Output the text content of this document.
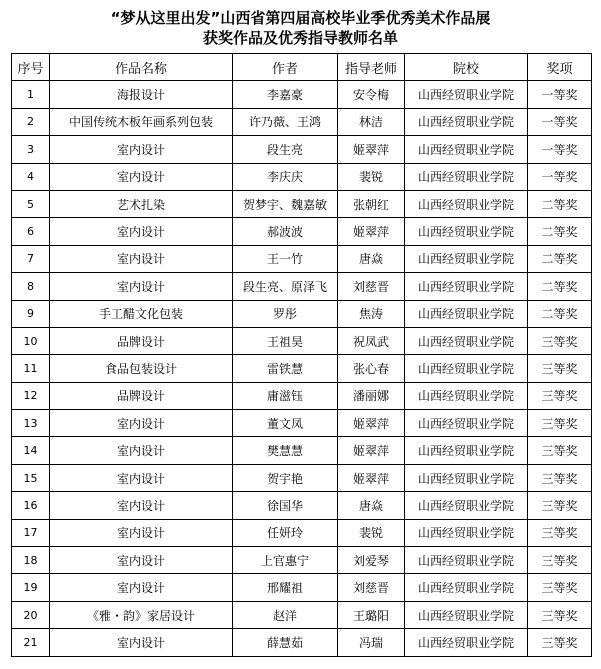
“梦从这里出发”山西省第四届高校毕业季优秀美术作品展

获奖作品及优秀指导教师名单

序号	作品名称	作者	指导老师	院校	奖项
1	海报设计	李嘉豪	安令梅	山西经贸职业学院	一等奖
2	中国传统木板年画系列包装	许乃薇、王鸿	林洁	山西经贸职业学院	一等奖
3	室内设计	段生亮	姬翠萍	山西经贸职业学院	一等奖
4	室内设计	李庆庆	裴锐	山西经贸职业学院	一等奖
5	艺术扎染	贺梦宇、魏嘉敏	张朝红	山西经贸职业学院	二等奖
6	室内设计	郝波波	姬翠萍	山西经贸职业学院	二等奖
7	室内设计	王一竹	唐焱	山西经贸职业学院	二等奖
8	室内设计	段生亮、原泽飞	刘慈晋	山西经贸职业学院	二等奖
9	手工醋文化包装	罗彤	焦涛	山西经贸职业学院	二等奖
10	品牌设计	王祖昊	祝凤武	山西经贸职业学院	三等奖
11	食品包装设计	雷铁慧	张心春	山西经贸职业学院	三等奖
12	品牌设计	庸滋钰	潘丽娜	山西经贸职业学院	三等奖
13	室内设计	董文凤	姬翠萍	山西经贸职业学院	三等奖
14	室内设计	樊慧慧	姬翠萍	山西经贸职业学院	三等奖
15	室内设计	贺宇艳	姬翠萍	山西经贸职业学院	三等奖
16	室内设计	徐国华	唐焱	山西经贸职业学院	三等奖
17	室内设计	任妍玲	裴锐	山西经贸职业学院	三等奖
18	室内设计	上官惠宁	刘爱琴	山西经贸职业学院	三等奖
19	室内设计	邢耀祖	刘慈晋	山西经贸职业学院	三等奖
20	《雅・韵》家居设计	赵洋	王璐阳	山西经贸职业学院	三等奖
21	室内设计	薛慧茹	冯瑞	山西经贸职业学院	三等奖
